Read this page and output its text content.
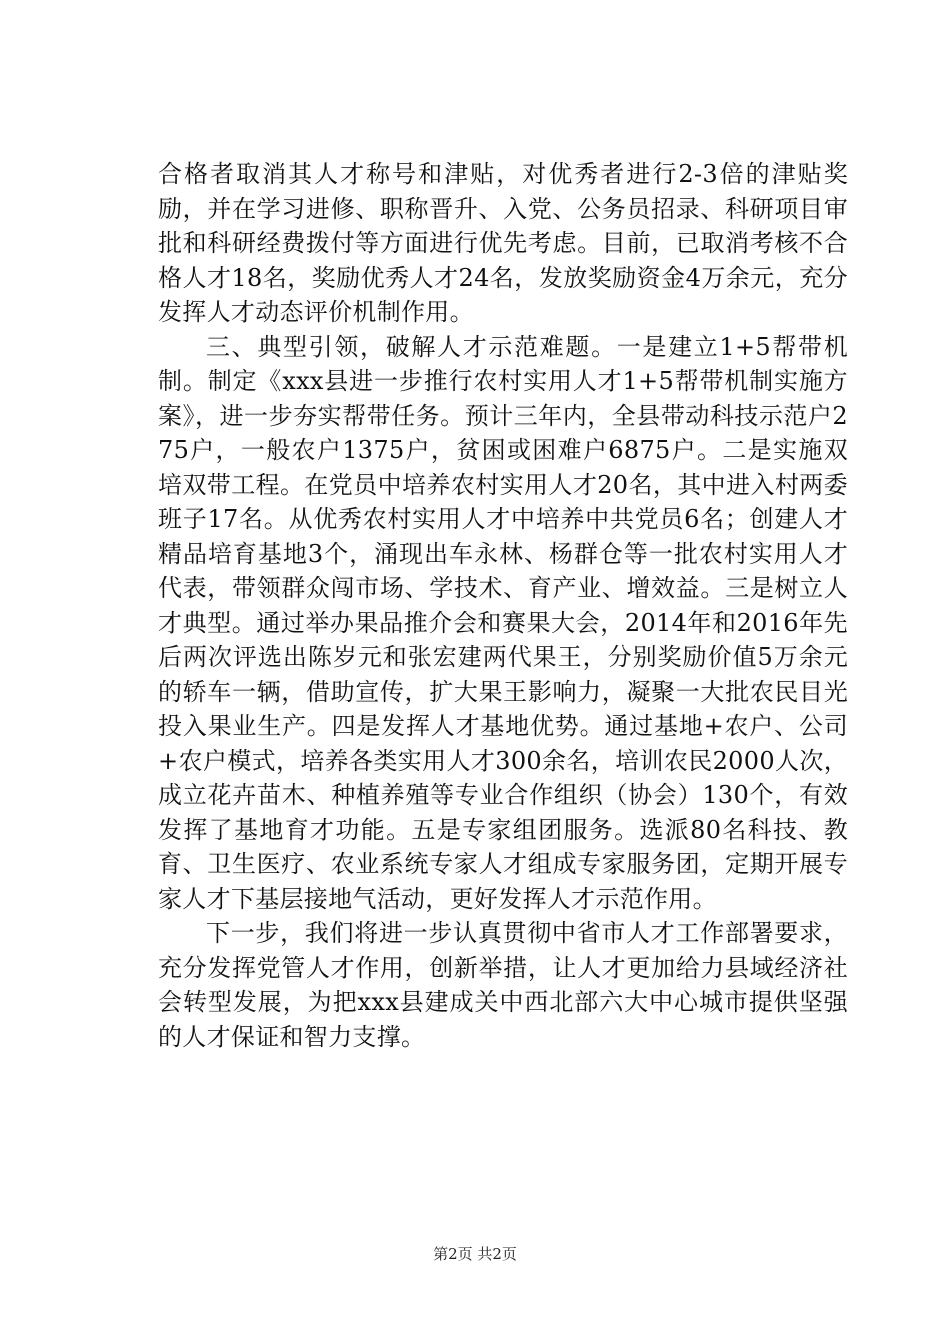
合格者取消其人才称号和津贴，对优秀者进行2-3倍的津贴奖励，并在学习进修、职称晋升、入党、公务员招录、科研项目审批和科研经费拨付等方面进行优先考虑。目前，已取消考核不合格人才18名，奖励优秀人才24名，发放奖励资金4万余元，充分发挥人才动态评价机制作用。

三、典型引领，破解人才示范难题。一是建立1+5帮带机制。制定《xxx县进一步推行农村实用人才1+5帮带机制实施方案》，进一步夯实帮带任务。预计三年内，全县带动科技示范户275户，一般农户1375户，贫困或困难户6875户。二是实施双培双带工程。在党员中培养农村实用人才20名，其中进入村两委班子17名。从优秀农村实用人才中培养中共党员6名；创建人才精品培育基地3个，涌现出车永林、杨群仓等一批农村实用人才代表，带领群众闯市场、学技术、育产业、增效益。三是树立人才典型。通过举办果品推介会和赛果大会，2014年和2016年先后两次评选出陈岁元和张宏建两代果王，分别奖励价值5万余元的轿车一辆，借助宣传，扩大果王影响力，凝聚一大批农民目光投入果业生产。四是发挥人才基地优势。通过基地+农户、公司+农户模式，培养各类实用人才300余名，培训农民2000人次，成立花卉苗木、种植养殖等专业合作组织（协会）130个，有效发挥了基地育才功能。五是专家组团服务。选派80名科技、教育、卫生医疗、农业系统专家人才组成专家服务团，定期开展专家人才下基层接地气活动，更好发挥人才示范作用。

下一步，我们将进一步认真贯彻中省市人才工作部署要求，充分发挥党管人才作用，创新举措，让人才更加给力县域经济社会转型发展，为把xxx县建成关中西北部六大中心城市提供坚强的人才保证和智力支撑。

第2页 共2页
